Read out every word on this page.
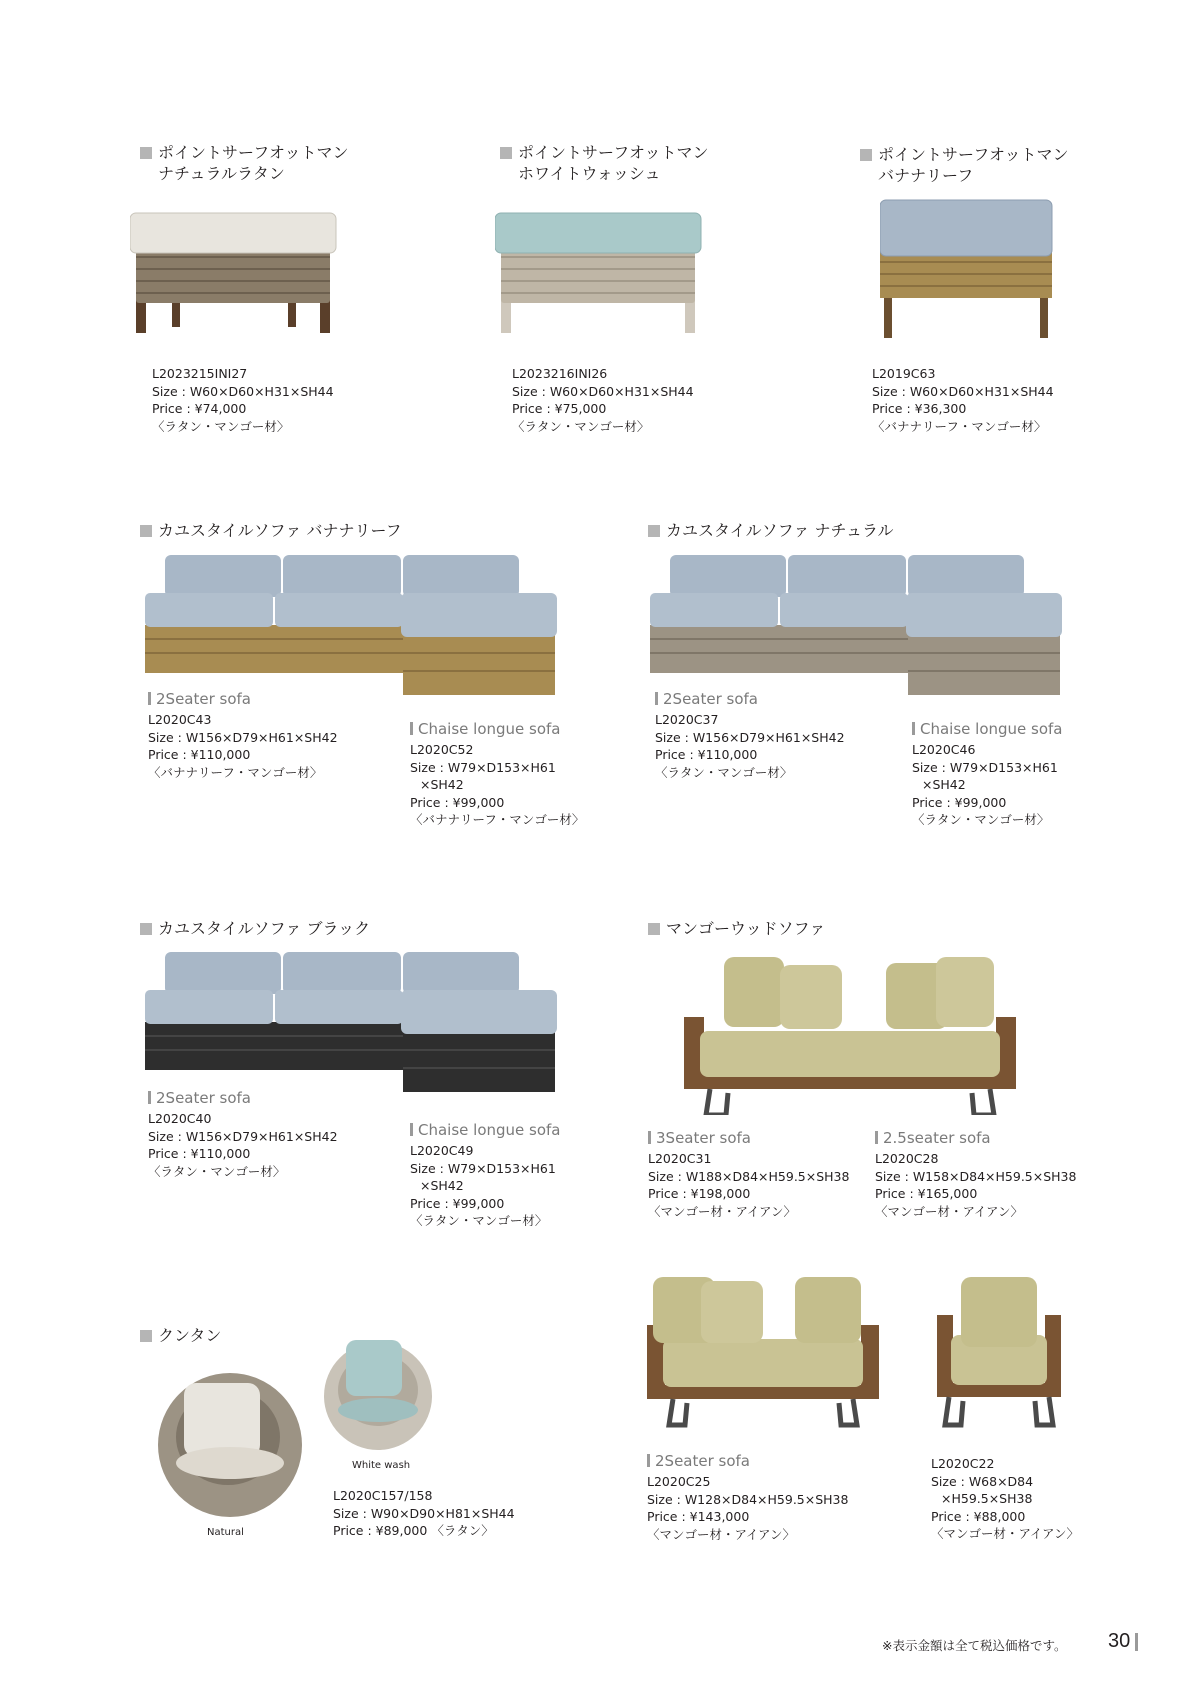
ポイントサーフオットマン
ナチュラルラタン
ポイントサーフオットマン
ホワイトウォッシュ
ポイントサーフオットマン
バナナリーフ
L2023215INI27
Size : W60×D60×H31×SH44
Price : ¥74,000
〈ラタン・マンゴー材〉
L2023216INI26
Size : W60×D60×H31×SH44
Price : ¥75,000
〈ラタン・マンゴー材〉
L2019C63
Size : W60×D60×H31×SH44
Price : ¥36,300
〈バナナリーフ・マンゴー材〉
カユスタイルソファ バナナリーフ	カユスタイルソファ ナチュラル
2Seater sofa
L2020C43
Size : W156×D79×H61×SH42
Price : ¥110,000
〈バナナリーフ・マンゴー材〉
Chaise longue sofa
L2020C52
Size : W79×D153×H61
×SH42
Price : ¥99,000
〈バナナリーフ・マンゴー材〉
2Seater sofa
L2020C37
Size : W156×D79×H61×SH42
Price : ¥110,000
〈ラタン・マンゴー材〉
Chaise longue sofa
L2020C46
Size : W79×D153×H61
×SH42
Price : ¥99,000
〈ラタン・マンゴー材〉
カユスタイルソファ ブラック	マンゴーウッドソファ
2Seater sofa
L2020C40
Size : W156×D79×H61×SH42
Price : ¥110,000
〈ラタン・マンゴー材〉
Chaise longue sofa
L2020C49
Size : W79×D153×H61
×SH42
Price : ¥99,000
〈ラタン・マンゴー材〉
3Seater sofa
L2020C31
Size : W188×D84×H59.5×SH38
Price : ¥198,000
〈マンゴー材・アイアン〉
2.5seater sofa
L2020C28
Size : W158×D84×H59.5×SH38
Price : ¥165,000
〈マンゴー材・アイアン〉
クンタン
Natural
White wash
L2020C157/158
Size : W90×D90×H81×SH44
Price : ¥89,000 〈ラタン〉
2Seater sofa
L2020C25
Size : W128×D84×H59.5×SH38
Price : ¥143,000
〈マンゴー材・アイアン〉
L2020C22
Size : W68×D84
×H59.5×SH38
Price : ¥88,000
〈マンゴー材・アイアン〉
※表示金額は全て税込価格です。 30
